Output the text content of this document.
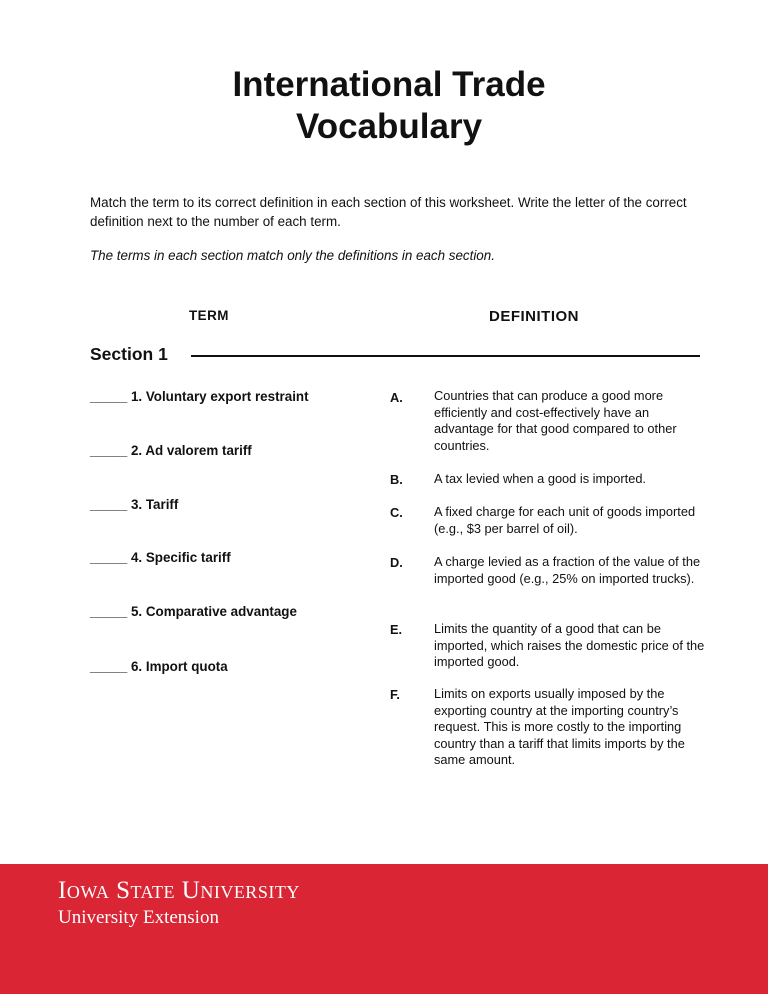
International Trade
Vocabulary

Match the term to its correct definition in each section of this worksheet. Write the letter of the correct definition next to the number of each term.

The terms in each section match only the definitions in each section.

TERM	DEFINITION
Section 1
_____ 1. Voluntary export restraint
_____ 2. Ad valorem tariff
_____ 3. Tariff
_____ 4. Specific tariff
_____ 5. Comparative advantage
_____ 6. Import quota
A. Countries that can produce a good more efficiently and cost-effectively have an advantage for that good compared to other countries.
B. A tax levied when a good is imported.
C. A fixed charge for each unit of goods imported (e.g., $3 per barrel of oil).
D. A charge levied as a fraction of the value of the imported good (e.g., 25% on imported trucks).
E. Limits the quantity of a good that can be imported, which raises the domestic price of the imported good.
F.	Limits on exports usually imposed by the exporting country at the importing country’s request. This is more costly to the importing country than a tariff that limits imports by the same amount.
Iowa State University
University Extension
